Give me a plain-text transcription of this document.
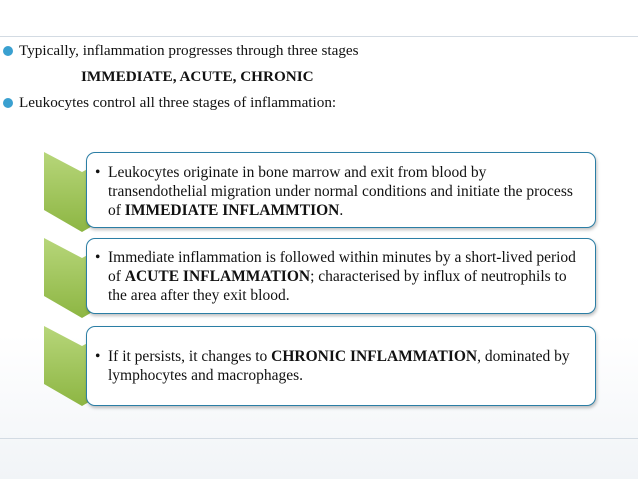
Typically, inflammation progresses through three stages
IMMEDIATE, ACUTE, CHRONIC
Leukocytes control all three stages of inflammation:
• Leukocytes originate in bone marrow and exit from blood by transendothelial migration under normal conditions and initiate the process of IMMEDIATE INFLAMMTION.
• Immediate inflammation is followed within minutes by a short-lived period of ACUTE INFLAMMATION; characterised by influx of neutrophils to the area after they exit blood.
• If it persists, it changes to CHRONIC INFLAMMATION, dominated by lymphocytes and macrophages.
